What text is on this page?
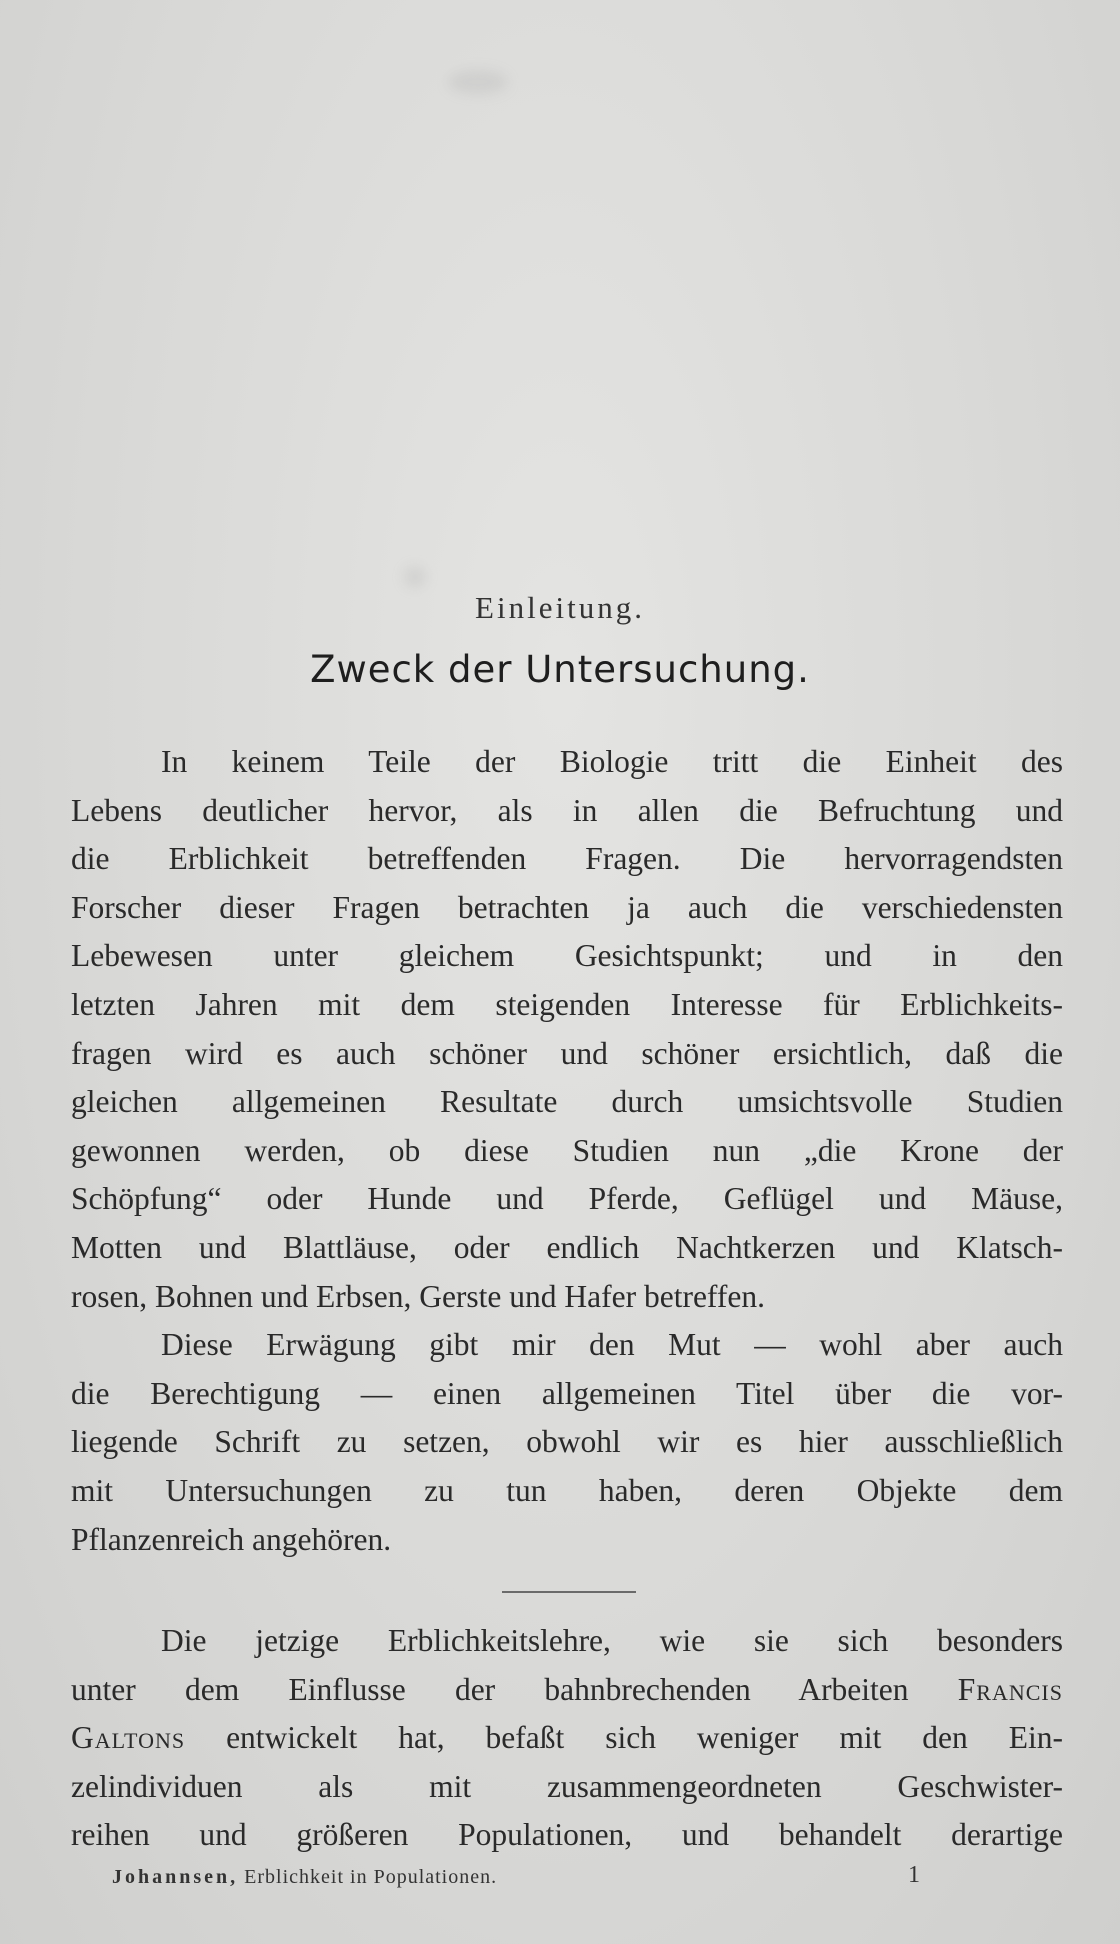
Einleitung.
Zweck der Untersuchung.
In keinem Teile der Biologie tritt die Einheit des
Lebens deutlicher hervor, als in allen die Befruchtung und
die Erblichkeit betreffenden Fragen. Die hervorragendsten
Forscher dieser Fragen betrachten ja auch die verschiedensten
Lebewesen unter gleichem Gesichtspunkt; und in den
letzten Jahren mit dem steigenden Interesse für Erblichkeits-
fragen wird es auch schöner und schöner ersichtlich, daß die
gleichen allgemeinen Resultate durch umsichtsvolle Studien
gewonnen werden, ob diese Studien nun „die Krone der
Schöpfung“ oder Hunde und Pferde, Geflügel und Mäuse,
Motten und Blattläuse, oder endlich Nachtkerzen und Klatsch-
rosen, Bohnen und Erbsen, Gerste und Hafer betreffen.
Diese Erwägung gibt mir den Mut — wohl aber auch
die Berechtigung — einen allgemeinen Titel über die vor-
liegende Schrift zu setzen, obwohl wir es hier ausschließlich
mit Untersuchungen zu tun haben, deren Objekte dem
Pflanzenreich angehören.
Die jetzige Erblichkeitslehre, wie sie sich besonders
unter dem Einflusse der bahnbrechenden Arbeiten Francis
Galtons entwickelt hat, befaßt sich weniger mit den Ein-
zelindividuen als mit zusammengeordneten Geschwister-
reihen und größeren Populationen, und behandelt derartige
Johannsen, Erblichkeit in Populationen.	1
